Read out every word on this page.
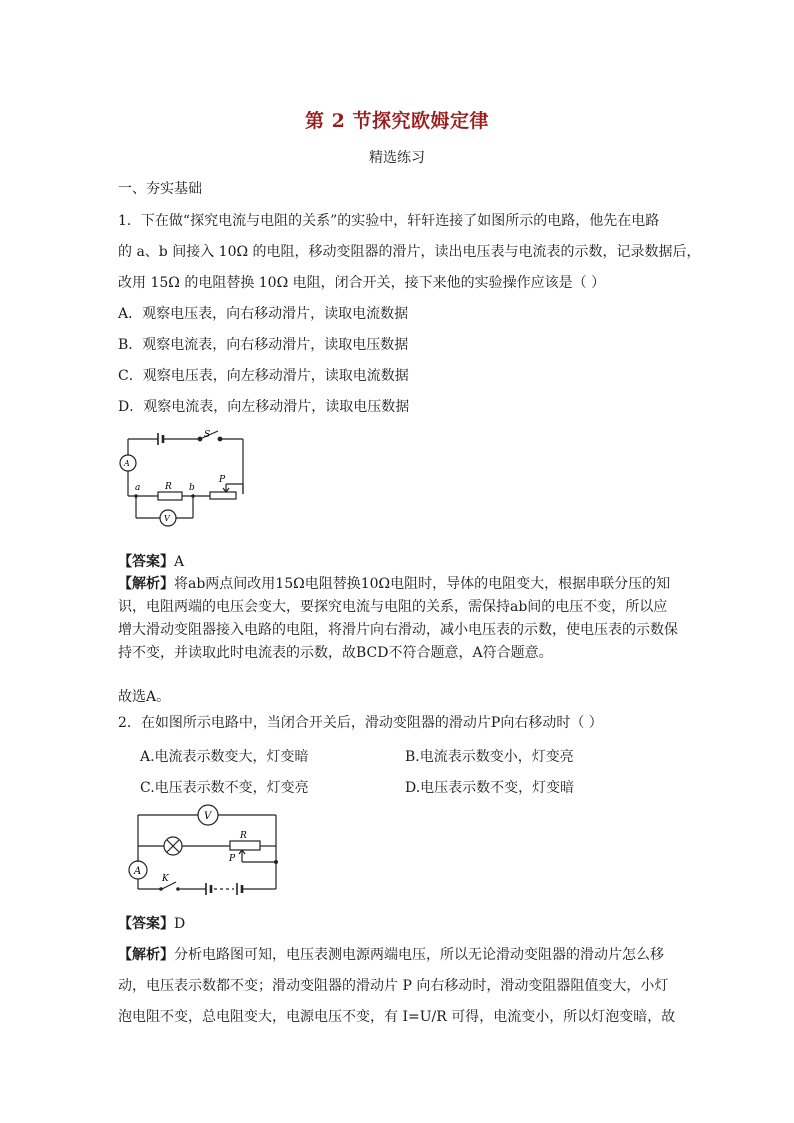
第 2 节探究欧姆定律
精选练习
一、夯实基础
1．下在做“探究电流与电阻的关系”的实验中，轩轩连接了如图所示的电路，他先在电路
的 a、b 间接入 10Ω 的电阻，移动变阻器的滑片，读出电压表与电流表的示数，记录数据后，
改用 15Ω 的电阻替换 10Ω 电阻，闭合开关，接下来他的实验操作应该是（ ）
A．观察电压表，向右移动滑片，读取电流数据
B．观察电流表，向右移动滑片，读取电压数据
C．观察电压表，向左移动滑片，读取电流数据
D．观察电流表，向左移动滑片，读取电压数据
S
A
a	R b
P
V
【答案】A
【解析】将ab两点间改用15Ω电阻替换10Ω电阻时，导体的电阻变大，根据串联分压的知识，电阻两端的电压会变大，要探究电流与电阻的关系，需保持ab间的电压不变，所以应增大滑动变阻器接入电路的电阻，将滑片向右滑动，减小电压表的示数，使电压表的示数保持不变，并读取此时电流表的示数，故BCD不符合题意，A符合题意。
故选A。
2．在如图所示电路中，当闭合开关后，滑动变阻器的滑动片P向右移动时（ ）
A.电流表示数变大，灯变暗	B.电流表示数变小，灯变亮
C.电压表示数不变，灯变亮	D.电压表示数不变，灯变暗
V
R
P
A
K
【答案】D
【解析】分析电路图可知，电压表测电源两端电压，所以无论滑动变阻器的滑动片怎么移
动，电压表示数都不变；滑动变阻器的滑动片 P 向右移动时，滑动变阻器阻值变大，小灯
泡电阻不变，总电阻变大，电源电压不变，有 I=U/R 可得，电流变小，所以灯泡变暗，故
